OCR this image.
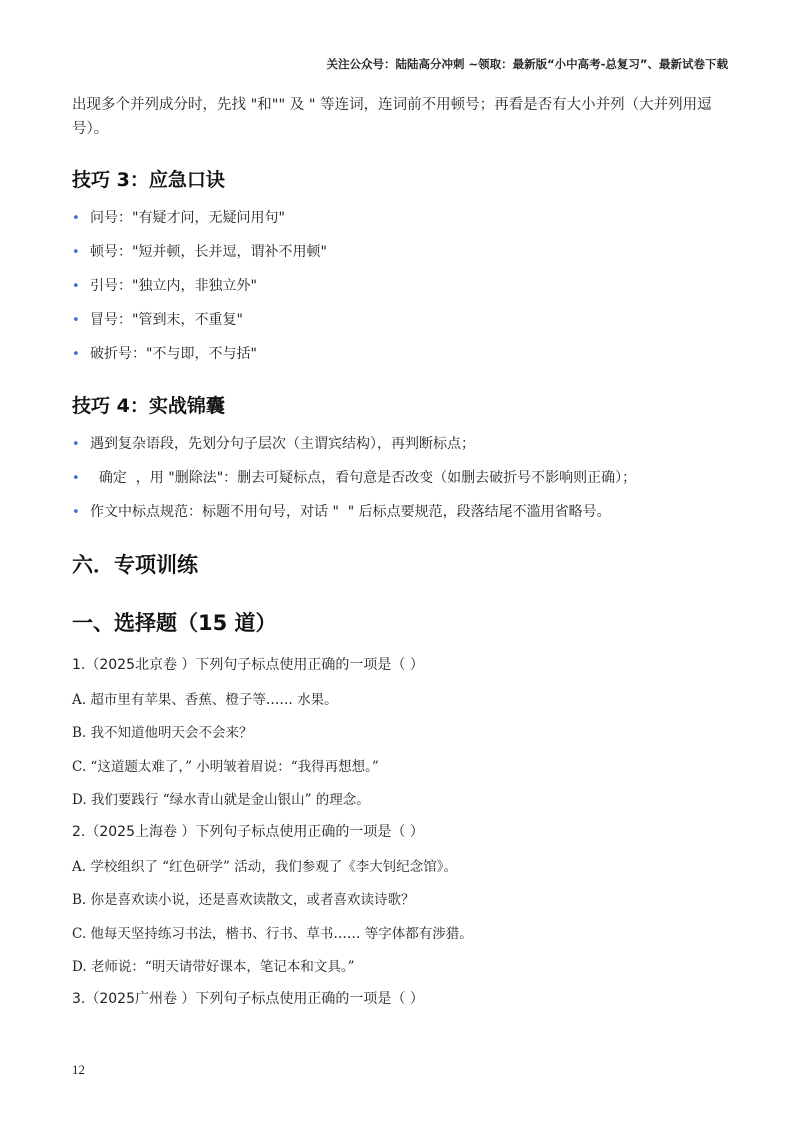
关注公众号：陆陆高分冲刺 ~领取：最新版“小中高考-总复习”、最新试卷下载
出现多个并列成分时，先找 "和"" 及 " 等连词，连词前不用顿号；再看是否有大小并列（大并列用逗号）。
技巧 3：应急口诀
• 问号："有疑才问，无疑问用句"
• 顿号："短并顿，长并逗，谓补不用顿"
• 引号："独立内，非独立外"
• 冒号："管到末，不重复"
• 破折号："不与即，不与括"
技巧 4：实战锦囊
• 遇到复杂语段，先划分句子层次（主谓宾结构），再判断标点；
•  确定  ，用 "删除法"：删去可疑标点，看句意是否改变（如删去破折号不影响则正确）；
• 作文中标点规范：标题不用句号，对话 "  " 后标点要规范，段落结尾不滥用省略号。
六．专项训练
一、选择题（15 道）
1.（2025北京卷 ）下列句子标点使用正确的一项是（ ）
A. 超市里有苹果、香蕉、橙子等…… 水果。
B. 我不知道他明天会不会来？
C. “这道题太难了，” 小明皱着眉说：“我得再想想。”
D. 我们要践行 “绿水青山就是金山银山” 的理念。
2.（2025上海卷 ）下列句子标点使用正确的一项是（ ）
A. 学校组织了 “红色研学” 活动，我们参观了《李大钊纪念馆》。
B. 你是喜欢读小说，还是喜欢读散文，或者喜欢读诗歌？
C. 他每天坚持练习书法，楷书、行书、草书…… 等字体都有涉猎。
D. 老师说：“明天请带好课本，笔记本和文具。”
3.（2025广州卷 ）下列句子标点使用正确的一项是（ ）
12
